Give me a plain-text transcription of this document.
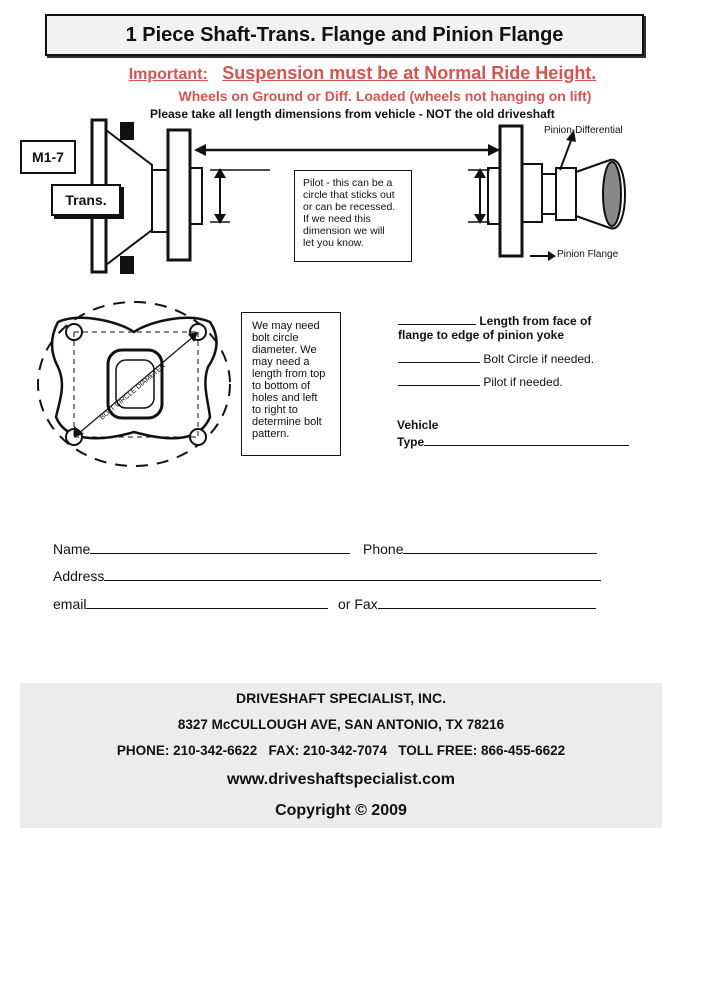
1 Piece Shaft-Trans. Flange and Pinion Flange
Important: Suspension must be at Normal Ride Height.
Wheels on Ground or Diff. Loaded (wheels not hanging on lift)
Please take all length dimensions from vehicle - NOT the old driveshaft
M1-7
Trans.
Pinion-Differential
Pinion Flange
Pilot - this can be a
circle that sticks out
or can be recessed.
If we need this
dimension we will
let you know.
BOLT CIRCLE DIAMETER
We may need
bolt circle
diameter. We
may need a
length from top
to bottom of
holes and left
to right to
determine bolt
pattern.
Length from face of
flange to edge of pinion yoke
Bolt Circle if needed.
Pilot if needed.
Vehicle
Type
Name	Phone
Address
email	or Fax
DRIVESHAFT SPECIALIST, INC.
8327 McCULLOUGH AVE, SAN ANTONIO, TX 78216
PHONE: 210-342-6622   FAX: 210-342-7074   TOLL FREE: 866-455-6622
www.driveshaftspecialist.com
Copyright © 2009
